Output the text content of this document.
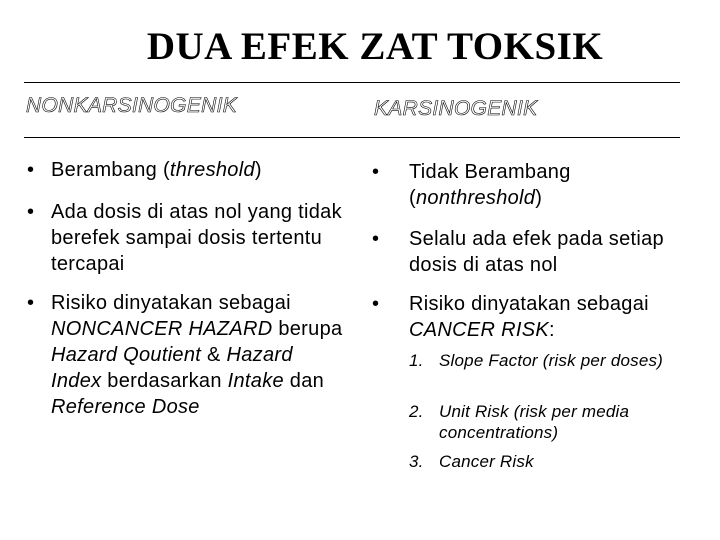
DUA EFEK ZAT TOKSIK
NONKARSINOGENIK	KARSINOGENIK
• Berambang (threshold)
• Ada dosis di atas nol yang tidak berefek sampai dosis tertentu tercapai
• Risiko dinyatakan sebagai NONCANCER HAZARD berupa Hazard Qoutient & Hazard Index berdasarkan Intake dan Reference Dose
• Tidak Berambang (nonthreshold)
• Selalu ada efek pada setiap dosis di atas nol
• Risiko dinyatakan sebagai CANCER RISK:
1. Slope Factor (risk per doses)
2. Unit Risk (risk per media concentrations)
3. Cancer Risk
